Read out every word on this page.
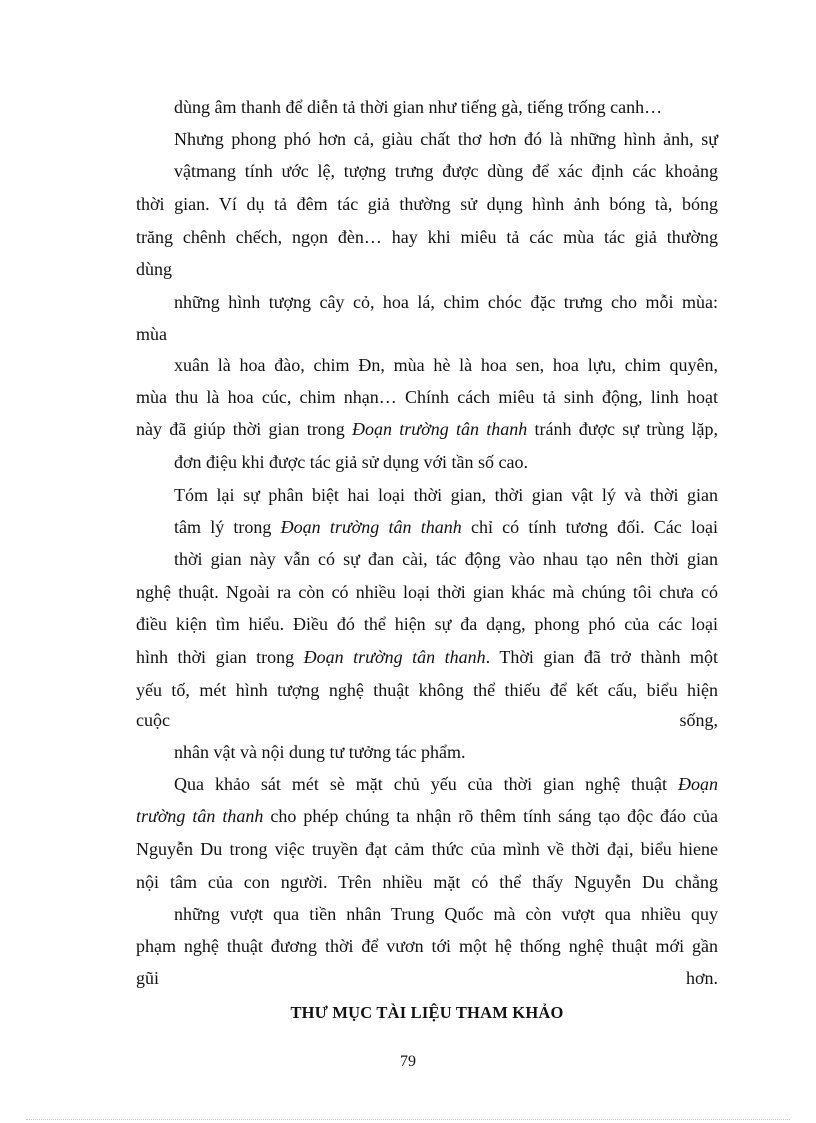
dùng âm thanh để diễn tả thời gian như tiếng gà, tiếng trống canh…
Nhưng phong phó hơn cả, giàu chất thơ hơn đó là những hình ảnh, sự
vậtmang tính ước lệ, tượng trưng được dùng để xác định các khoảng
thời gian. Ví dụ tả đêm tác giả thường sử dụng hình ảnh bóng tà, bóng
trăng chênh chếch, ngọn đèn… hay khi miêu tả các mùa tác giả thường
dùng
những hình tượng cây cỏ, hoa lá, chim chóc đặc trưng cho mỗi mùa:
mùa
xuân là hoa đào, chim Đn, mùa hè là hoa sen, hoa lựu, chim quyên,
mùa thu là hoa cúc, chim nhạn… Chính cách miêu tả sinh động, linh hoạt
này đã giúp thời gian trong Đoạn trường tân thanh tránh được sự trùng lặp,
đơn điệu khi được tác giả sử dụng với tần số cao.
Tóm lại sự phân biệt hai loại thời gian, thời gian vật lý và thời gian
tâm lý trong Đoạn trường tân thanh chỉ có tính tương đối. Các loại
thời gian này vẫn có sự đan cài, tác động vào nhau tạo nên thời gian
nghệ thuật. Ngoài ra còn có nhiều loại thời gian khác mà chúng tôi chưa có
điều kiện tìm hiểu. Điều đó thể hiện sự đa dạng, phong phó của các loại
hình thời gian trong Đoạn trường tân thanh. Thời gian đã trở thành một
yếu tố, mét hình tượng nghệ thuật không thể thiếu để kết cấu, biểu hiện
cuộc	sống,
nhân vật và nội dung tư tưởng tác phẩm.
Qua khảo sát mét sè mặt chủ yếu của thời gian nghệ thuật Đoạn
trường tân thanh cho phép chúng ta nhận rõ thêm tính sáng tạo độc đáo của
Nguyễn Du trong việc truyền đạt cảm thức của mình về thời đại, biểu hiene
nội tâm của con người. Trên nhiều mặt có thể thấy Nguyễn Du chẳng
những vượt qua tiền nhân Trung Quốc mà còn vượt qua nhiều quy
phạm nghệ thuật đương thời để vươn tới một hệ thống nghệ thuật mới gần
gũi	hơn.
THƯ MỤC TÀI LIỆU THAM KHẢO
79
